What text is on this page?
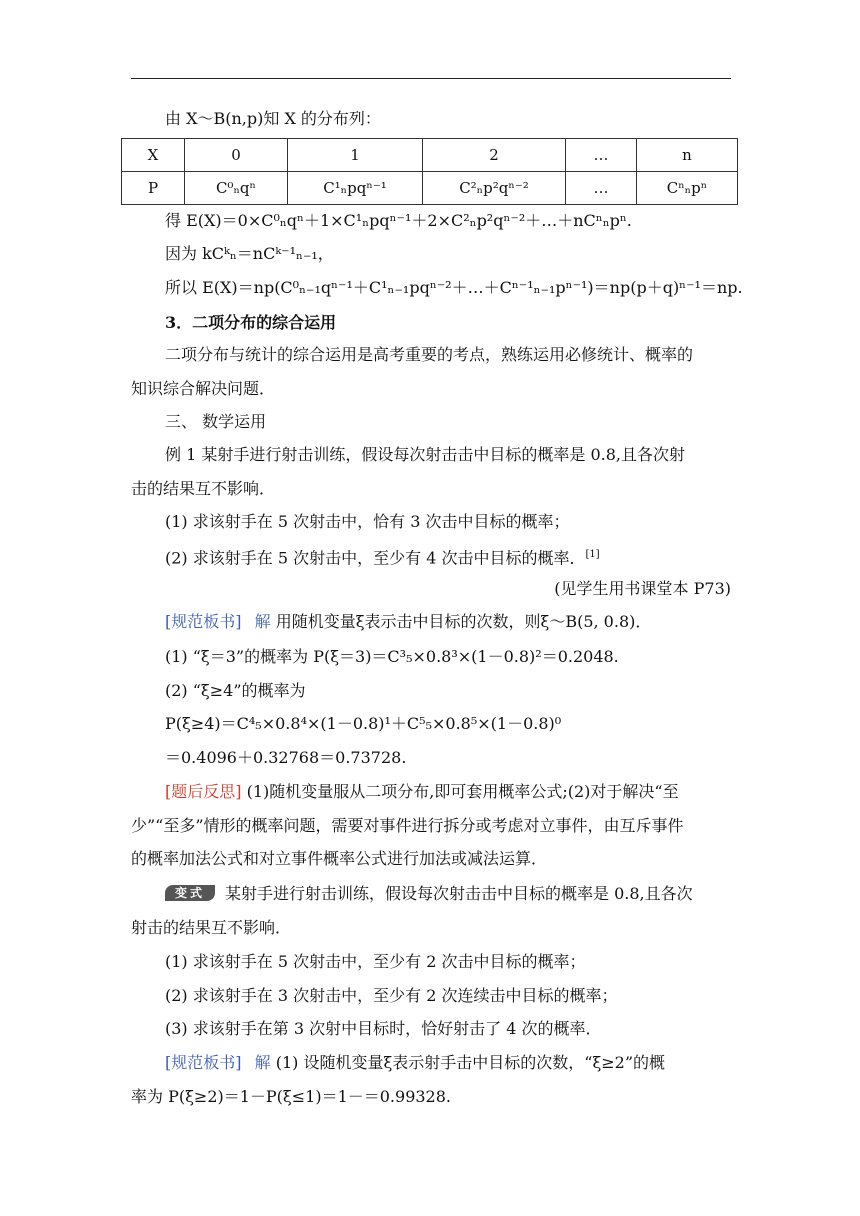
由 X～B(n,p)知 X 的分布列：
X	0	1	2	…	n
P	C⁰ₙqⁿ	C¹ₙpqⁿ⁻¹	C²ₙp²qⁿ⁻²	…	Cⁿₙpⁿ
得 E(X)＝0×C⁰ₙqⁿ＋1×C¹ₙpqⁿ⁻¹＋2×C²ₙp²qⁿ⁻²＋…＋nCⁿₙpⁿ.
因为 kCᵏₙ＝nCᵏ⁻¹ₙ₋₁，
所以 E(X)＝np(C⁰ₙ₋₁qⁿ⁻¹＋C¹ₙ₋₁pqⁿ⁻²＋…＋Cⁿ⁻¹ₙ₋₁pⁿ⁻¹)＝np(p＋q)ⁿ⁻¹＝np.
3．二项分布的综合运用
二项分布与统计的综合运用是高考重要的考点，熟练运用必修统计、概率的
知识综合解决问题．
三、 数学运用
例 1 某射手进行射击训练，假设每次射击击中目标的概率是 0.8,且各次射
击的结果互不影响．
(1) 求该射手在 5 次射击中，恰有 3 次击中目标的概率；
(2) 求该射手在 5 次射击中，至少有 4 次击中目标的概率．[1]
(见学生用书课堂本 P73)
[规范板书] 解 用随机变量ξ表示击中目标的次数，则ξ～B(5, 0.8)．
(1) “ξ＝3”的概率为 P(ξ＝3)＝C³₅×0.8³×(1－0.8)²＝0.2048.
(2) “ξ≥4”的概率为
P(ξ≥4)＝C⁴₅×0.8⁴×(1－0.8)¹＋C⁵₅×0.8⁵×(1－0.8)⁰
＝0.4096＋0.32768＝0.73728.
[题后反思] (1)随机变量服从二项分布,即可套用概率公式;(2)对于解决“至
少”“至多”情形的概率问题，需要对事件进行拆分或考虑对立事件，由互斥事件
的概率加法公式和对立事件概率公式进行加法或减法运算．
变式 某射手进行射击训练，假设每次射击击中目标的概率是 0.8,且各次
射击的结果互不影响．
(1) 求该射手在 5 次射击中，至少有 2 次击中目标的概率；
(2) 求该射手在 3 次射击中，至少有 2 次连续击中目标的概率；
(3) 求该射手在第 3 次射中目标时，恰好射击了 4 次的概率．
[规范板书] 解 (1) 设随机变量ξ表示射手击中目标的次数，“ξ≥2”的概
率为 P(ξ≥2)＝1－P(ξ≤1)＝1－＝0.99328.
